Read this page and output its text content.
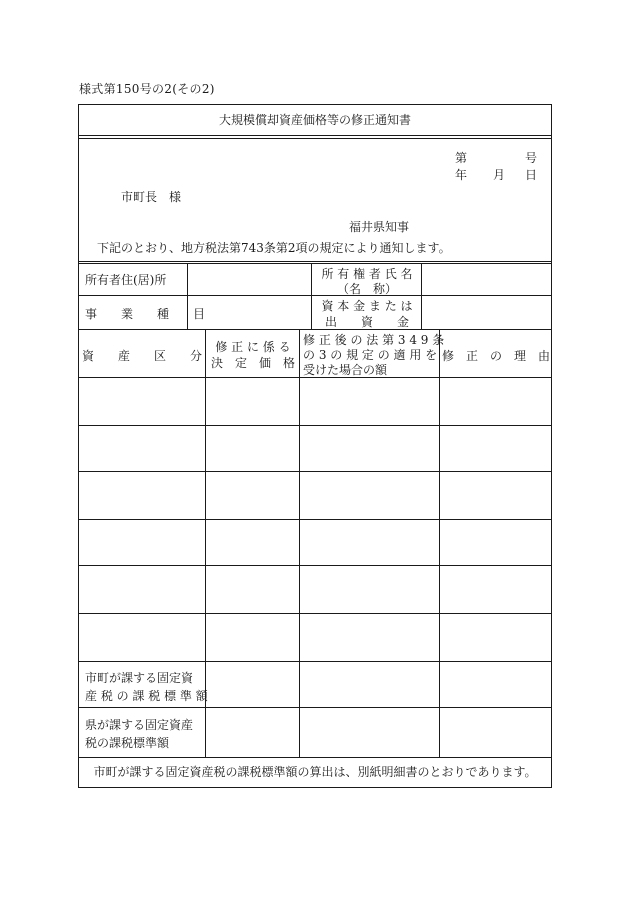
様式第150号の2(その2)
大規模償却資産価格等の修正通知書
第	号
年 月 日
市町長　様
福井県知事
下記のとおり、地方税法第743条第2項の規定により通知します。
所有者住(居)所	所 有 権 者 氏 名
（名　称）
事　　業　　種　　目
資 本 金 ま た は
出　　資　　金
資　　産　　区　　分
修 正 に 係 る
決　定　価　格
修 正 後 の 法 第 3 4 9 条
の 3 の 規 定 の 適 用 を
受けた場合の額
修　正　の　理　由
市町が課する固定資
産 税 の 課 税 標 準 額
県が課する固定資産
税の課税標準額
市町が課する固定資産税の課税標準額の算出は、別紙明細書のとおりであります。
